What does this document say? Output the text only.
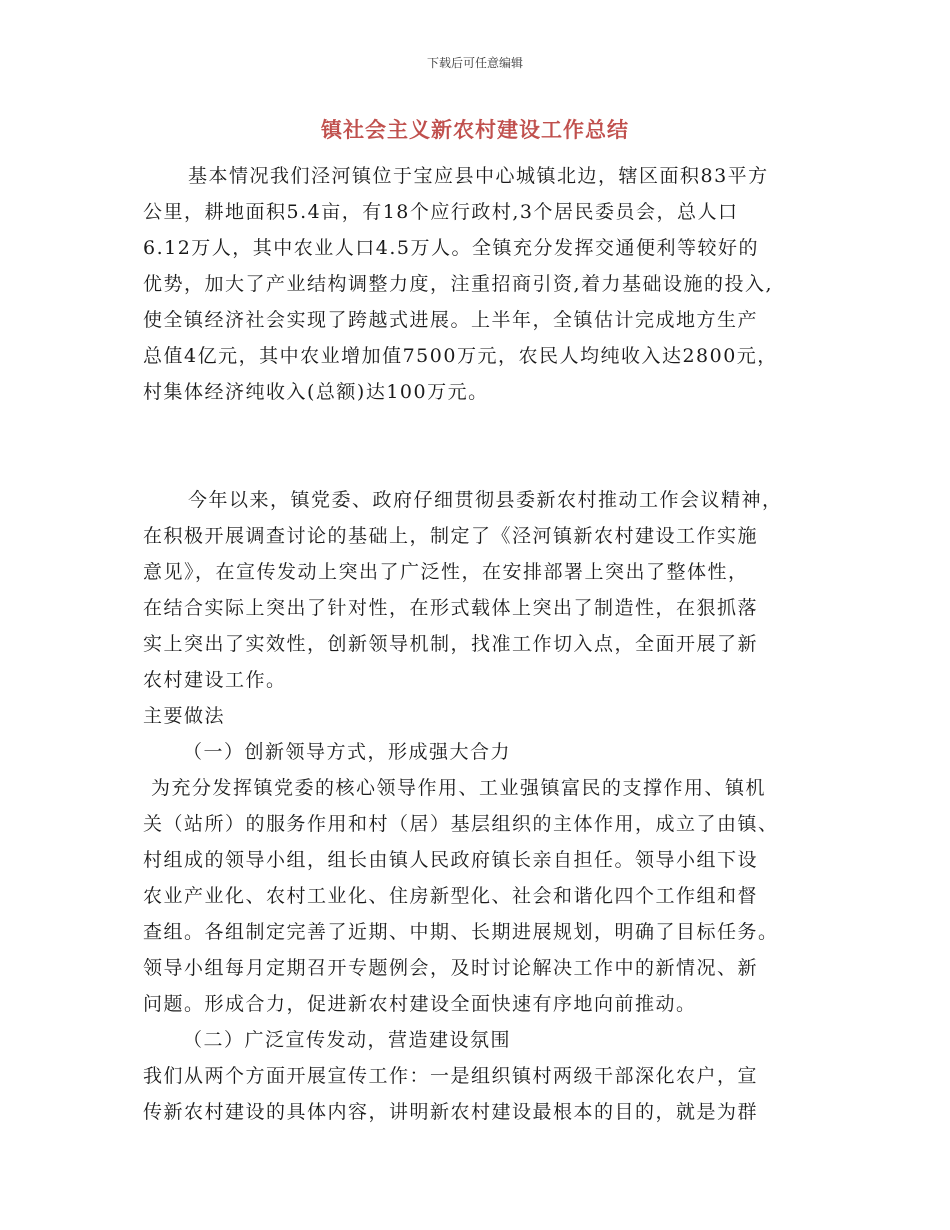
下载后可任意编辑
镇社会主义新农村建设工作总结
基本情况我们泾河镇位于宝应县中心城镇北边，辖区面积83平方
公里，耕地面积5.4亩，有18个应行政村,3个居民委员会，总人口
6.12万人，其中农业人口4.5万人。全镇充分发挥交通便利等较好的
优势，加大了产业结构调整力度，注重招商引资,着力基础设施的投入,
使全镇经济社会实现了跨越式进展。上半年，全镇估计完成地方生产
总值4亿元，其中农业增加值7500万元，农民人均纯收入达2800元，
村集体经济纯收入(总额)达100万元。
今年以来，镇党委、政府仔细贯彻县委新农村推动工作会议精神，
在积极开展调查讨论的基础上，制定了《泾河镇新农村建设工作实施
意见》，在宣传发动上突出了广泛性，在安排部署上突出了整体性，
在结合实际上突出了针对性，在形式载体上突出了制造性，在狠抓落
实上突出了实效性，创新领导机制，找准工作切入点，全面开展了新
农村建设工作。
主要做法
（一）创新领导方式，形成强大合力
为充分发挥镇党委的核心领导作用、工业强镇富民的支撑作用、镇机
关（站所）的服务作用和村（居）基层组织的主体作用，成立了由镇、
村组成的领导小组，组长由镇人民政府镇长亲自担任。领导小组下设
农业产业化、农村工业化、住房新型化、社会和谐化四个工作组和督
查组。各组制定完善了近期、中期、长期进展规划，明确了目标任务。
领导小组每月定期召开专题例会，及时讨论解决工作中的新情况、新
问题。形成合力，促进新农村建设全面快速有序地向前推动。
（二）广泛宣传发动，营造建设氛围
我们从两个方面开展宣传工作：一是组织镇村两级干部深化农户，宣
传新农村建设的具体内容，讲明新农村建设最根本的目的，就是为群
